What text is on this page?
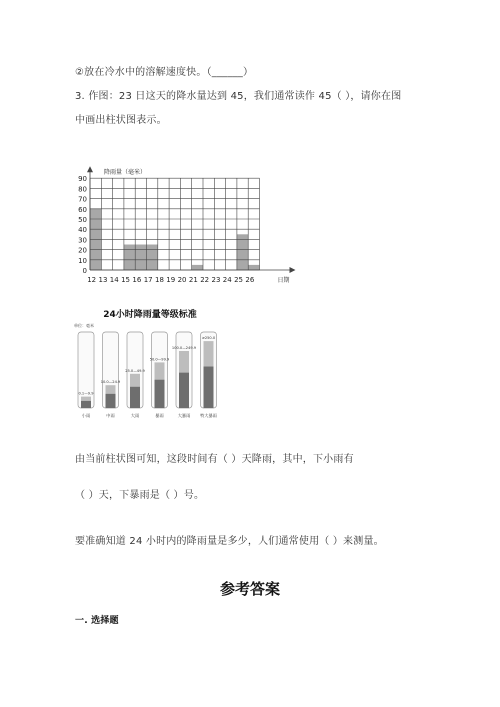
②放在冷水中的溶解速度快。（______）
3. 作图：23 日这天的降水量达到 45，我们通常读作 45（ ），请你在图
中画出柱状图表示。
0
10
20
30
40
50
60
70
80
90
12 13 14 15 16 17 18 19 20 21 22 23 24 25 26
降雨量（毫米）
日期
24小时降雨量等级标准
单位：毫米
0.1—9.9
小雨
10.0—24.9
中雨
25.0—49.9
大雨
50.0—99.9
暴雨
100.0—249.9
大暴雨
≥250.0
特大暴雨
由当前柱状图可知，这段时间有（ ）天降雨，其中，下小雨有
（ ）天，下暴雨是（ ）号。
要准确知道 24 小时内的降雨量是多少，人们通常使用（ ）来测量。
参考答案
一. 选择题
